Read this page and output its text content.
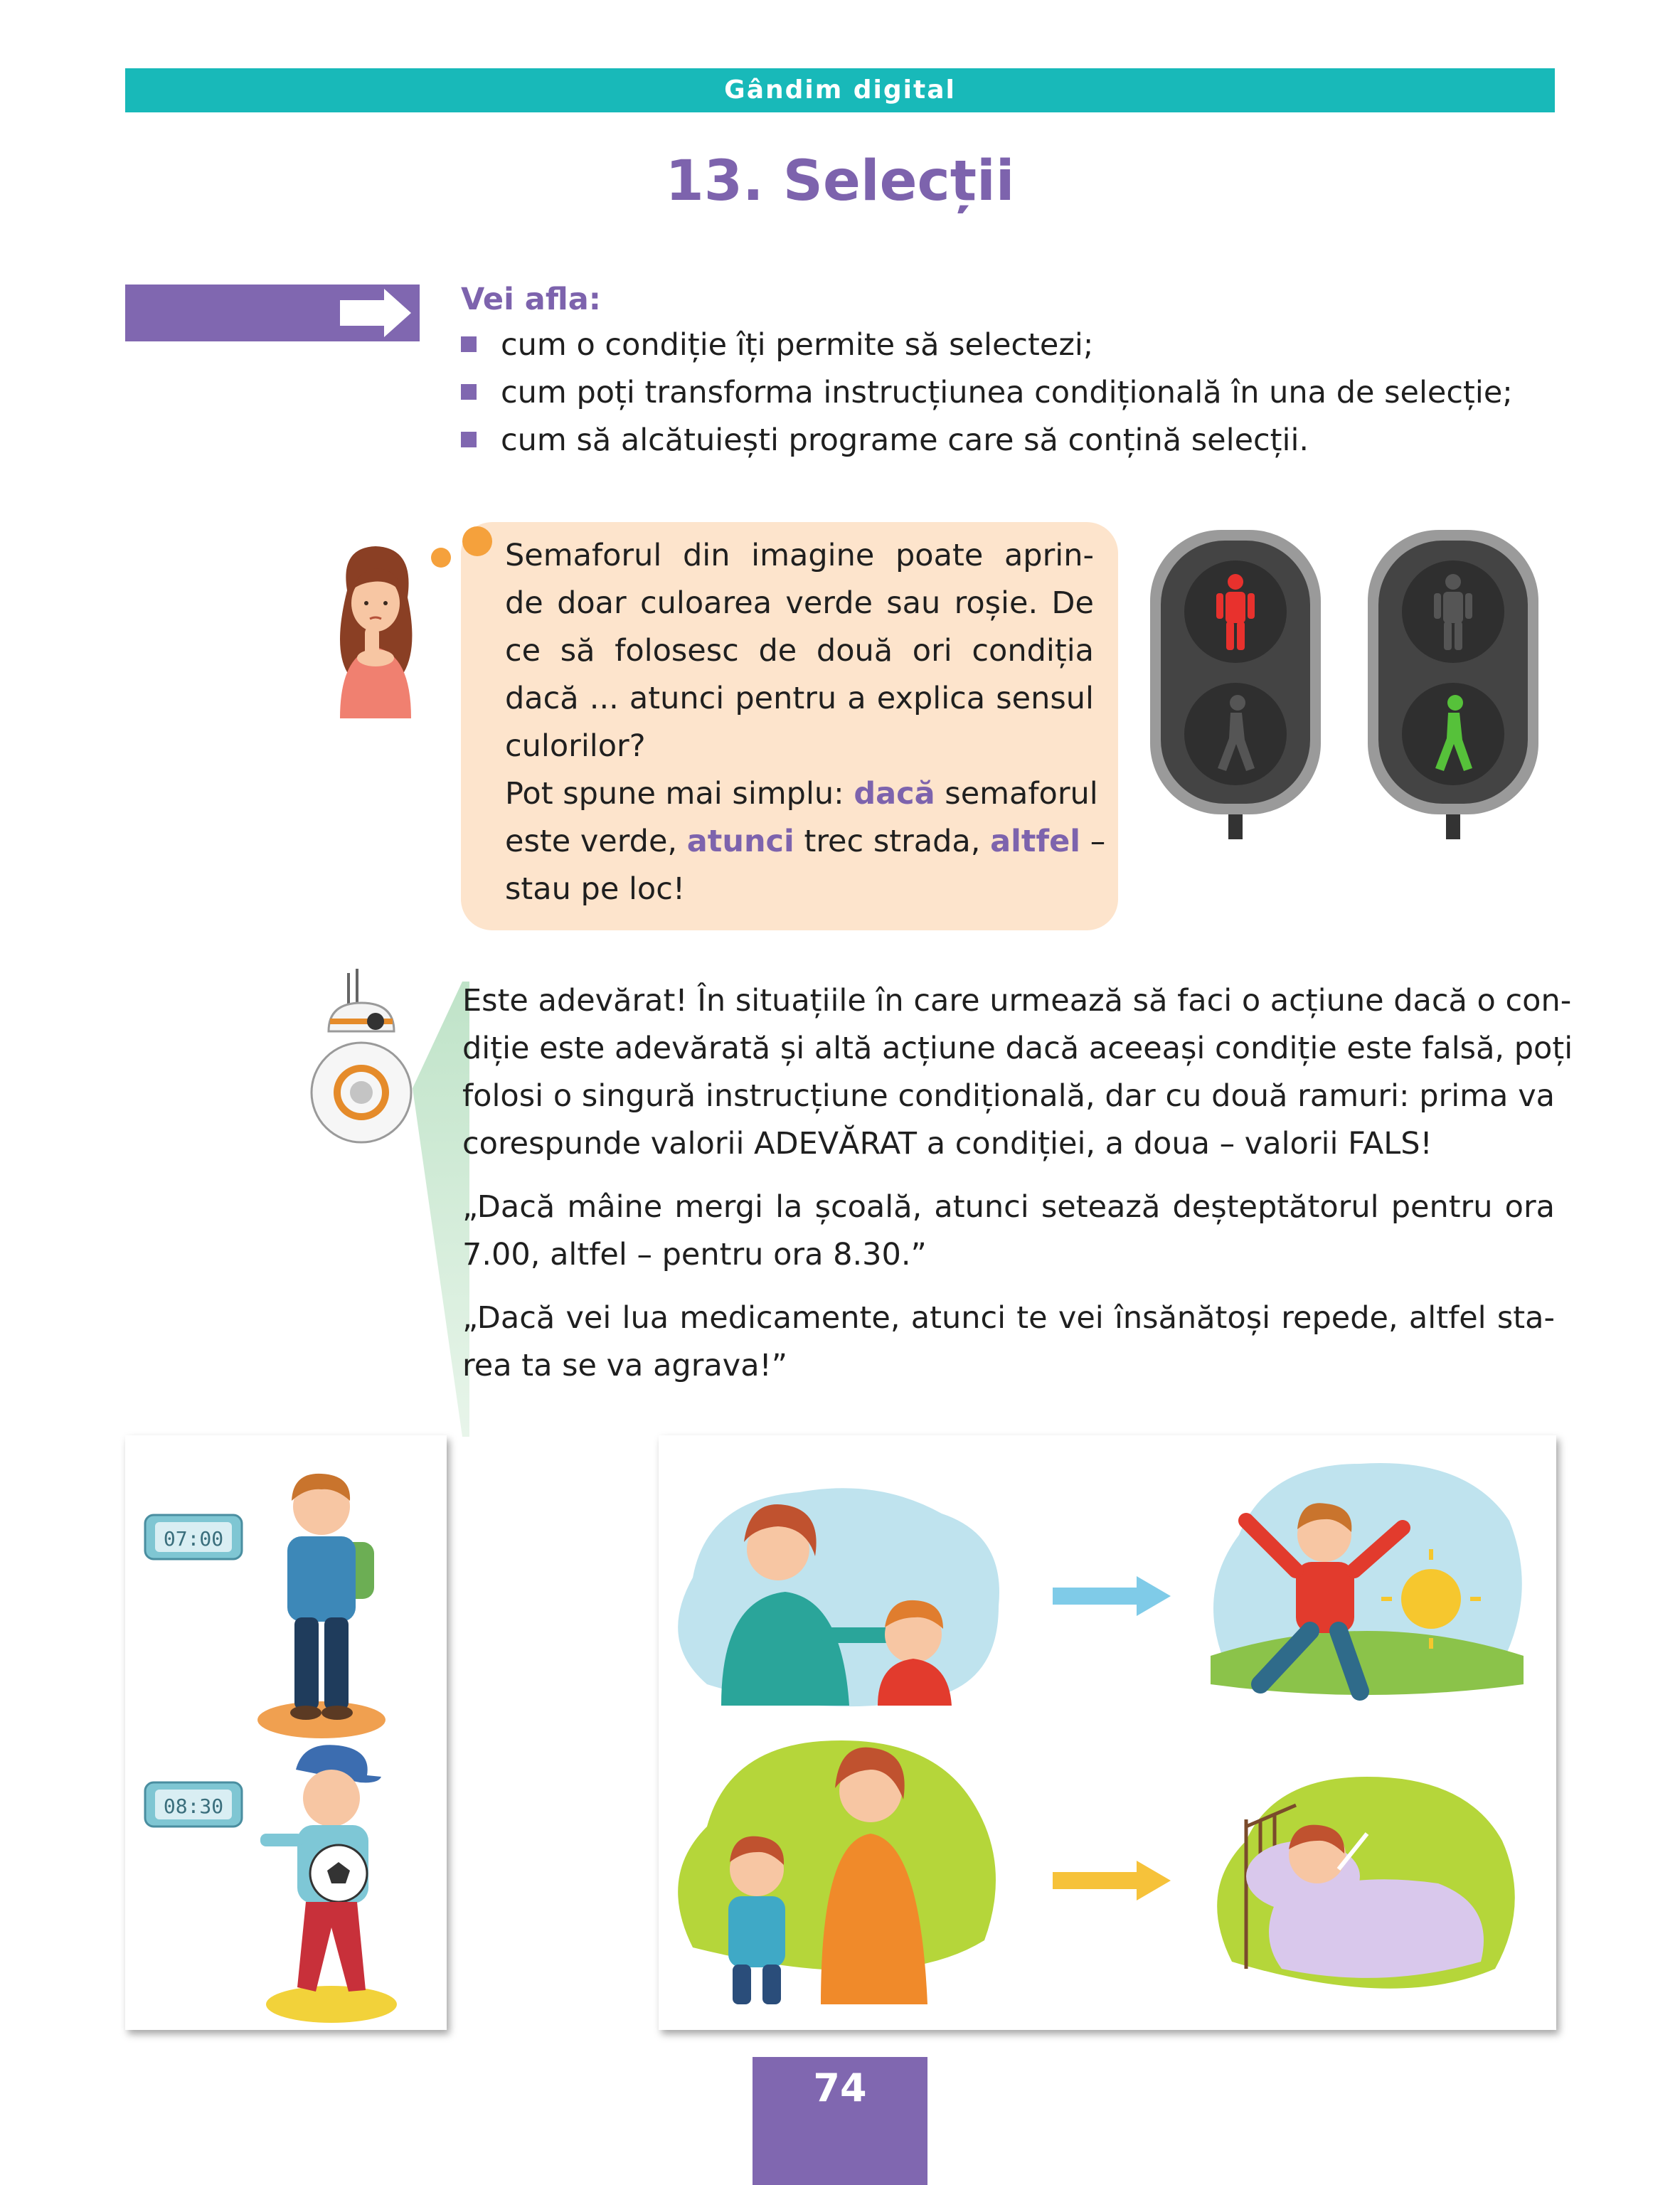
Gândim digital
13. Selecții
Vei afla:
cum o condiție îți permite să selectezi;
cum poți transforma instrucțiunea condițională în una de selecție;
cum să alcătuiești programe care să conțină selecții.
Semaforul din imagine poate aprin-
de doar culoarea verde sau roșie. De
ce să folosesc de două ori condiția
dacă ... atunci pentru a explica sensul
culorilor?
Pot spune mai simplu: dacă semaforul
este verde, atunci trec strada, altfel –
stau pe loc!
Este adevărat! În situațiile în care urmează să faci o acțiune dacă o con-
diție este adevărată și altă acțiune dacă aceeași condiție este falsă, poți
folosi o singură instrucțiune condițională, dar cu două ramuri: prima va
corespunde valorii ADEVĂRAT a condiției, a doua – valorii FALS!
„Dacă mâine mergi la școală, atunci setează deșteptătorul pentru ora
7.00, altfel – pentru ora 8.30.”
„Dacă vei lua medicamente, atunci te vei însănătoși repede, altfel sta-
rea ta se va agrava!”
07:00
08:30
74
